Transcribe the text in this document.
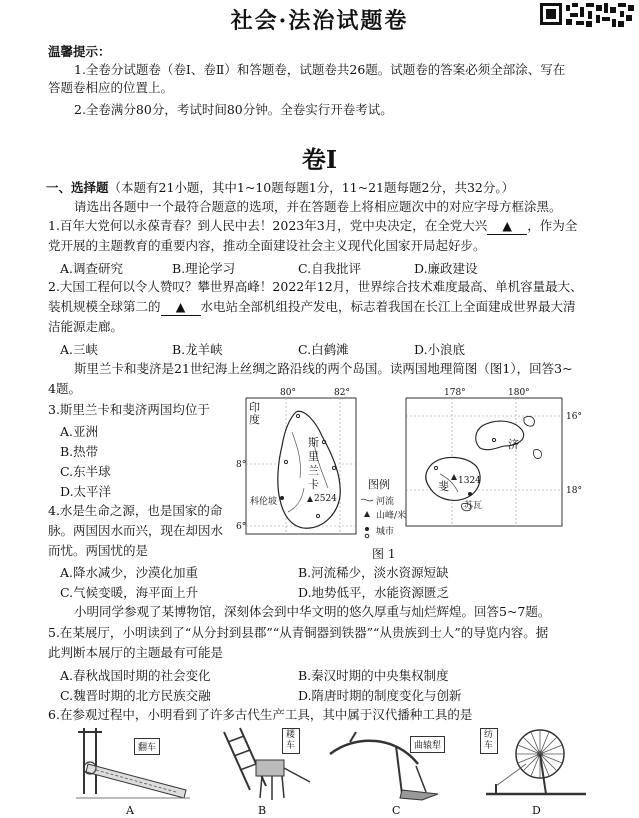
社会·法治试题卷
温馨提示：
1.全卷分试题卷（卷Ⅰ、卷Ⅱ）和答题卷，试题卷共26题。试题卷的答案必须全部涂、写在
答题卷相应的位置上。
2.全卷满分80分，考试时间80分钟。全卷实行开卷考试。
卷Ⅰ
一、选择题（本题有21小题，其中1~10题每题1分，11~21题每题2分，共32分。）
请选出各题中一个最符合题意的选项，并在答题卷上将相应题次中的对应字母方框涂黑。
1.百年大党何以永葆青春？到人民中去！2023年3月，党中央决定，在全党大兴 ▲ ，作为全
党开展的主题教育的重要内容，推动全面建设社会主义现代化国家开局起好步。
A.调查研究	B.理论学习	C.自我批评	D.廉政建设
2.大国工程何以令人赞叹？攀世界高峰！2022年12月，世界综合技术难度最高、单机容量最大、
装机规模全球第二的 ▲ 水电站全部机组投产发电，标志着我国在长江上全面建成世界最大清
洁能源走廊。
A.三峡	B.龙羊峡	C.白鹤滩	D.小浪底
斯里兰卡和斐济是21世纪海上丝绸之路沿线的两个岛国。读两国地理简图（图1），回答3~
4题。
3.斯里兰卡和斐济两国均位于
A.亚洲
B.热带
C.东半球
D.太平洋
4.水是生命之源，也是国家的命
脉。两国因水而兴，现在却因水
而忧。两国忧的是
A.降水减少，沙漠化加重	B.河流稀少，淡水资源短缺
C.气候变暖，海平面上升	D.地势低平，水能资源匮乏
80°	82°
8°
6°
印度
斯
里
兰
卡
科伦坡	2524
图例
河流
山峰/米
城市
178°	180°
16°
18°
济
斐 1324
苏瓦
图 1
小明同学参观了某博物馆，深刻体会到中华文明的悠久厚重与灿烂辉煌。回答5~7题。
5.在某展厅，小明读到了“从分封到县郡”“从青铜器到铁器”“从贵族到士人”的导览内容。据
此判断本展厅的主题最有可能是
A.春秋战国时期的社会变化	B.秦汉时期的中央集权制度
C.魏晋时期的北方民族交融	D.隋唐时期的制度变化与创新
6.在参观过程中，小明看到了许多古代生产工具，其中属于汉代播种工具的是
翻车
A
耧车
B
曲辕犁
C
纺车
D
